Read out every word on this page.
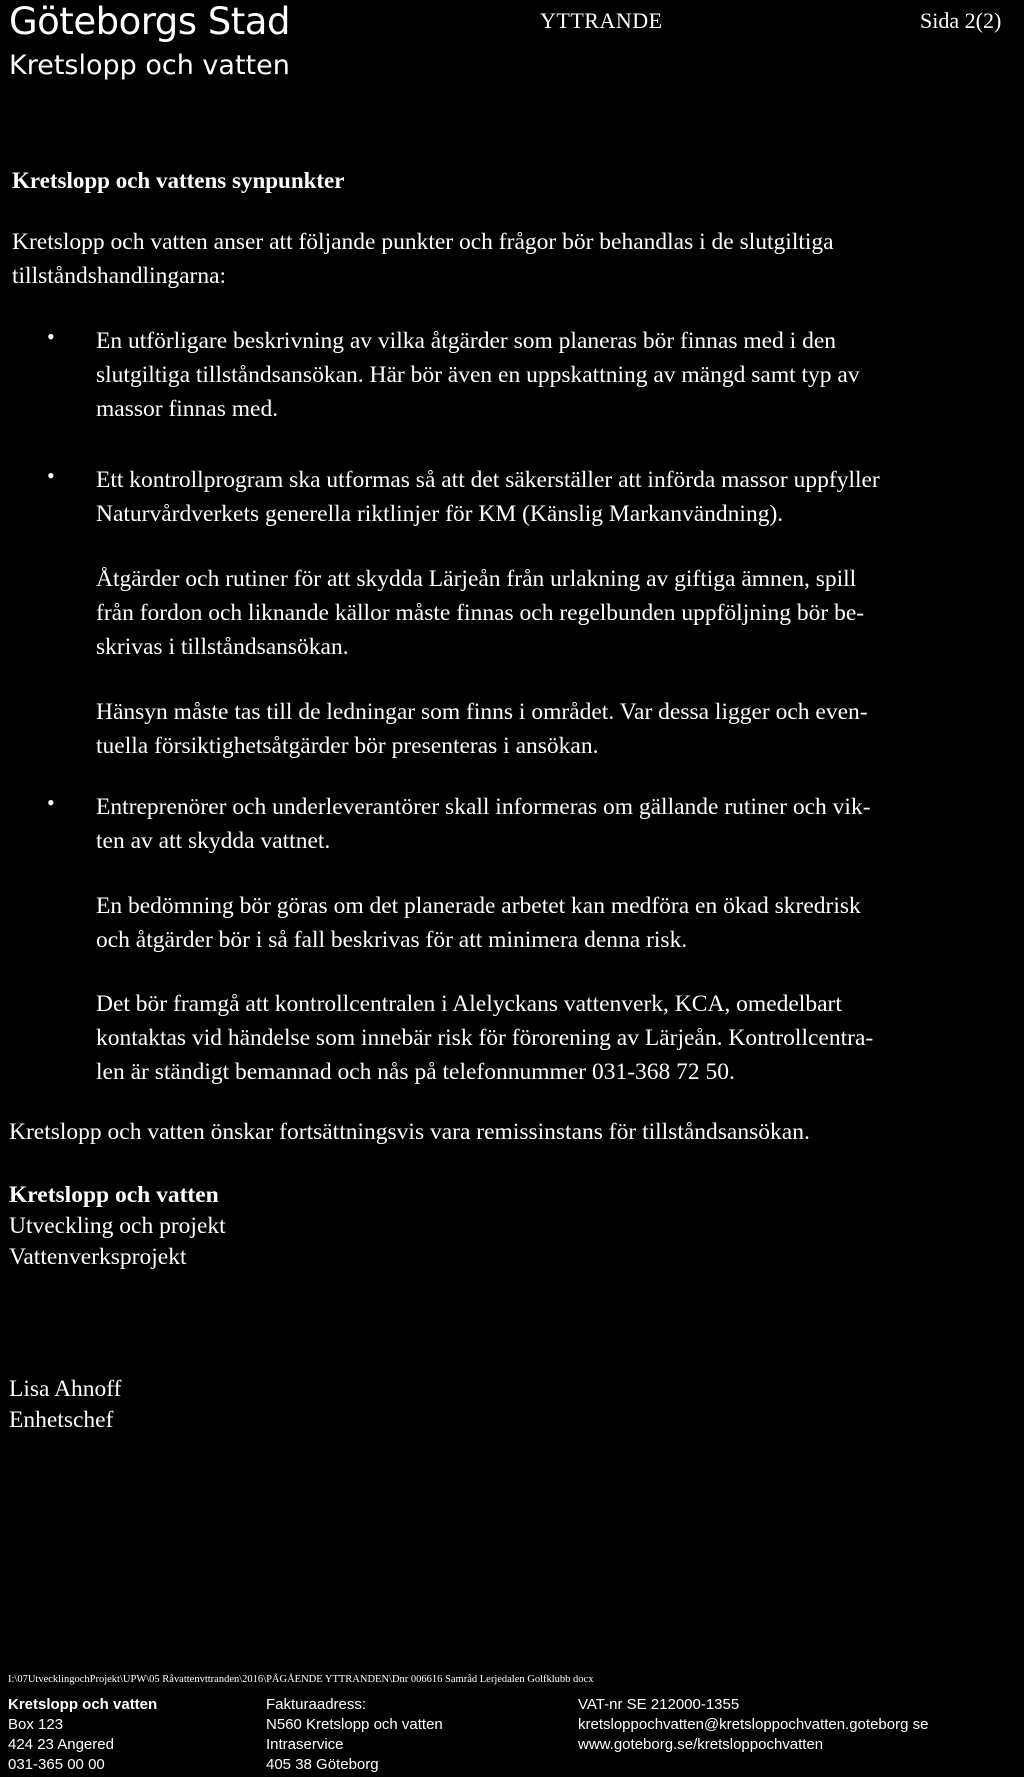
Göteborgs Stad
Kretslopp och vatten
YTTRANDE	Sida 2(2)
Kretslopp och vattens synpunkter
Kretslopp och vatten anser att följande punkter och frågor bör behandlas i de slutgiltiga
tillståndshandlingarna:
• En utförligare beskrivning av vilka åtgärder som planeras bör finnas med i den
slutgiltiga tillståndsansökan. Här bör även en uppskattning av mängd samt typ av
massor finnas med.
• Ett kontrollprogram ska utformas så att det säkerställer att införda massor uppfyller
Naturvårdverkets generella riktlinjer för KM (Känslig Markanvändning).
Åtgärder och rutiner för att skydda Lärjeån från urlakning av giftiga ämnen, spill
från fordon och liknande källor måste finnas och regelbunden uppföljning bör be-
skrivas i tillståndsansökan.
Hänsyn måste tas till de ledningar som finns i området. Var dessa ligger och even-
tuella försiktighetsåtgärder bör presenteras i ansökan.
• Entreprenörer och underleverantörer skall informeras om gällande rutiner och vik-
ten av att skydda vattnet.
En bedömning bör göras om det planerade arbetet kan medföra en ökad skredrisk
och åtgärder bör i så fall beskrivas för att minimera denna risk.
Det bör framgå att kontrollcentralen i Alelyckans vattenverk, KCA, omedelbart
kontaktas vid händelse som innebär risk för förorening av Lärjeån. Kontrollcentra-
len är ständigt bemannad och nås på telefonnummer 031-368 72 50.
Kretslopp och vatten önskar fortsättningsvis vara remissinstans för tillståndsansökan.
Kretslopp och vatten
Utveckling och projekt
Vattenverksprojekt
Lisa Ahnoff
Enhetschef
I:\07UtvecklingochProjekt\UPW\05 Råvattenvttranden\2016\PÅGÅENDE YTTRANDEN\Dnr 006616 Samråd Lerjedalen Golfklubb docx
Kretslopp och vatten
Box 123
424 23 Angered
031-365 00 00
Fakturaadress:
N560 Kretslopp och vatten
Intraservice
405 38 Göteborg
VAT-nr SE 212000-1355
kretsloppochvatten@kretsloppochvatten.goteborg se
www.goteborg.se/kretsloppochvatten
